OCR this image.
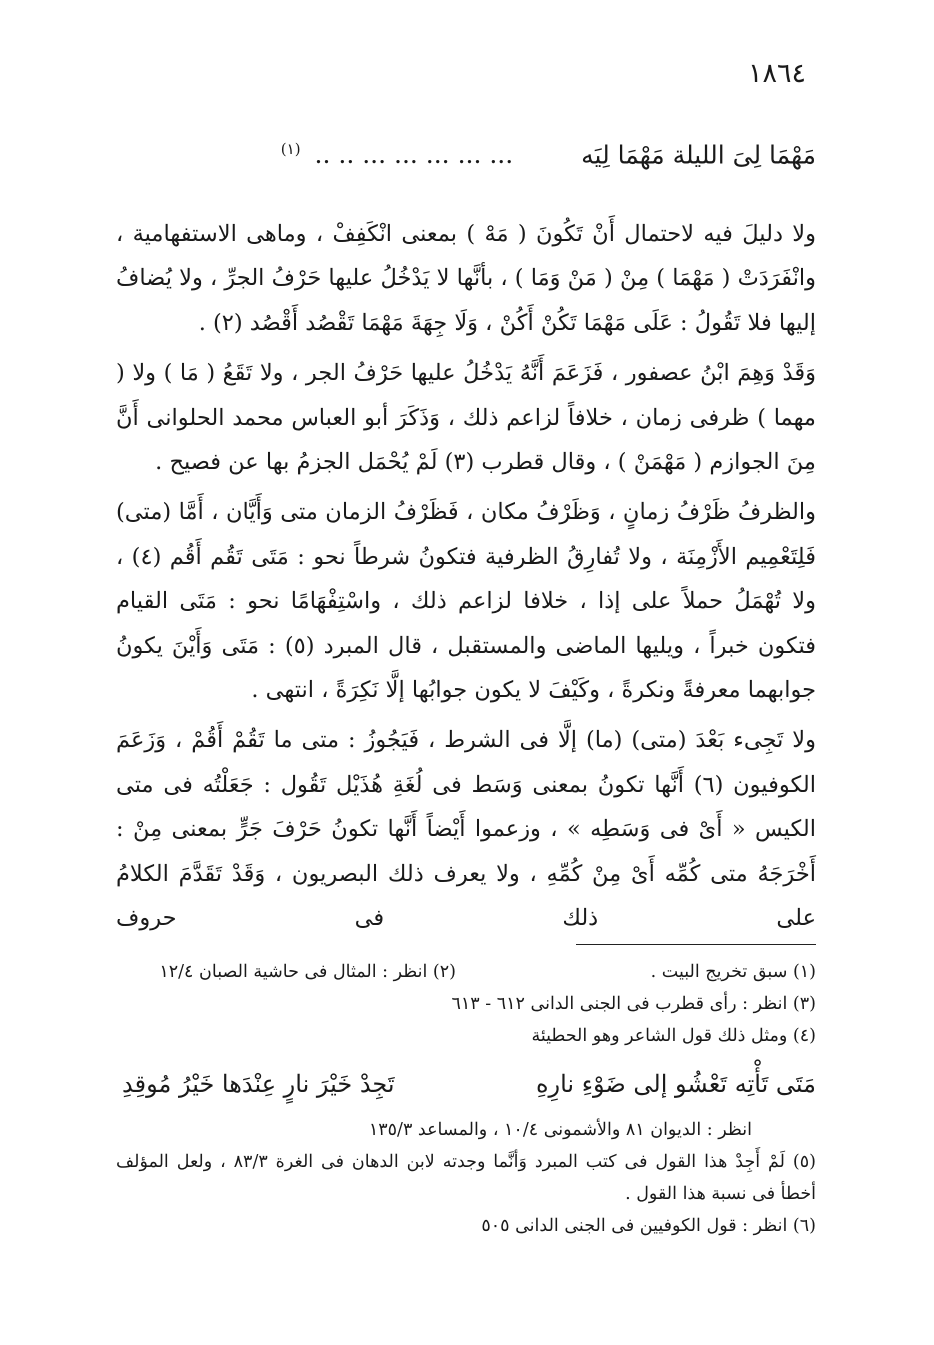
١٨٦٤
مَهْمَا لِىَ الليلة مَهْمَا لِيَه ... ... ... ... ... .. .. $^{(١)}$

ولا دليلَ فيه لاحتمال أَنْ تَكُونَ ( مَهْ ) بمعنى انْكَفِفْ ، وماهى الاستفهامية ، وانْفَرَدَتْ ( مَهْمَا ) مِنْ ( مَنْ وَمَا ) ، بأنَّها لا يَدْخُلُ عليها حَرْفُ الجرِّ ، ولا يُضافُ إليها فلا تَقُولُ : عَلَى مَهْمَا تَكُنْ أَكُنْ ، وَلَا جِهَةَ مَهْمَا تَقْصُد أَقْصُد (٢) .

وَقَدْ وَهِمَ ابْنُ عصفور ، فَزَعَمَ أَنَّهُ يَدْخُلُ عليها حَرْفُ الجر ، ولا تَقَعُ ( مَا ) ولا ( مهما ) ظرفى زمان ، خلافاً لزاعم ذلك ، وَذَكَرَ أبو العباس محمد الحلوانى أَنَّ مِنَ الجوازم ( مَهْمَنْ ) ، وقال قطرب (٣) لَمْ يُحْمَل الجزمُ بها عن فصيح .

والظرفُ ظَرْفُ زمانٍ ، وَظَرْفُ مكان ، فَظَرْفُ الزمان متى وَأَيَّان ، أَمَّا (متى) فَلِتَعْمِيم الأَزْمِنَة ، ولا تُفارِقُ الظرفية فتكونُ شرطاً نحو : مَتَى تَقُم أَقُم (٤) ، ولا تُهْمَلُ حملاً على إذا ، خلافا لزاعم ذلك ، واسْتِفْهَامًا نحو : مَتَى القيام فتكون خبراً ، ويليها الماضى والمستقبل ، قال المبرد (٥) : مَتَى وَأَيْنَ يكونُ جوابهما معرفةً ونكرةً ، وكَيْفَ لا يكون جوابُها إلَّا نَكِرَةً ، انتهى .

ولا تَجِىء بَعْدَ (متى) (ما) إلَّا فى الشرط ، فَيَجُوزُ : متى ما تَقُمْ أَقُمْ ، وَزَعَمَ الكوفيون (٦) أَنَّها تكونُ بمعنى وَسَط فى لُغَةِ هُذَيْل تَقُول : جَعَلْتُه فى متى الكيس « أَىْ فى وَسَطِه » ، وزعموا أَيْضاً أَنَّها تكونُ حَرْفَ جَرٍّ بمعنى مِنْ : أَخْرَجَهُ متى كُمِّه أَىْ مِنْ كُمِّهِ ، ولا يعرف ذلك البصريون ، وَقَدْ تَقَدَّمَ الكلامُ على ذلك فى حروف

(١) سبق تخريج البيت .
(٢) انظر : المثال فى حاشية الصبان ١٢/٤
(٣) انظر : رأى قطرب فى الجنى الدانى ٦١٢ - ٦١٣
(٤) ومثل ذلك قول الشاعر وهو الحطيئة
مَتَى تَأْتِه تَعْشُو إلى ضَوْءِ نارِهِ
تَجِدْ خَيْرَ نارٍ عِنْدَها خَيْرُ مُوقِدِ
انظر : الديوان ٨١ والأشمونى ١٠/٤ ، والمساعد ١٣٥/٣
(٥) لَمْ أَجِدْ هذا القول فى كتب المبرد وَأنَّما وجدته لابن الدهان فى الغرة ٨٣/٣ ، ولعل المؤلف أخطأ فى نسبة هذا القول .
(٦) انظر : قول الكوفيين فى الجنى الدانى ٥٠٥
